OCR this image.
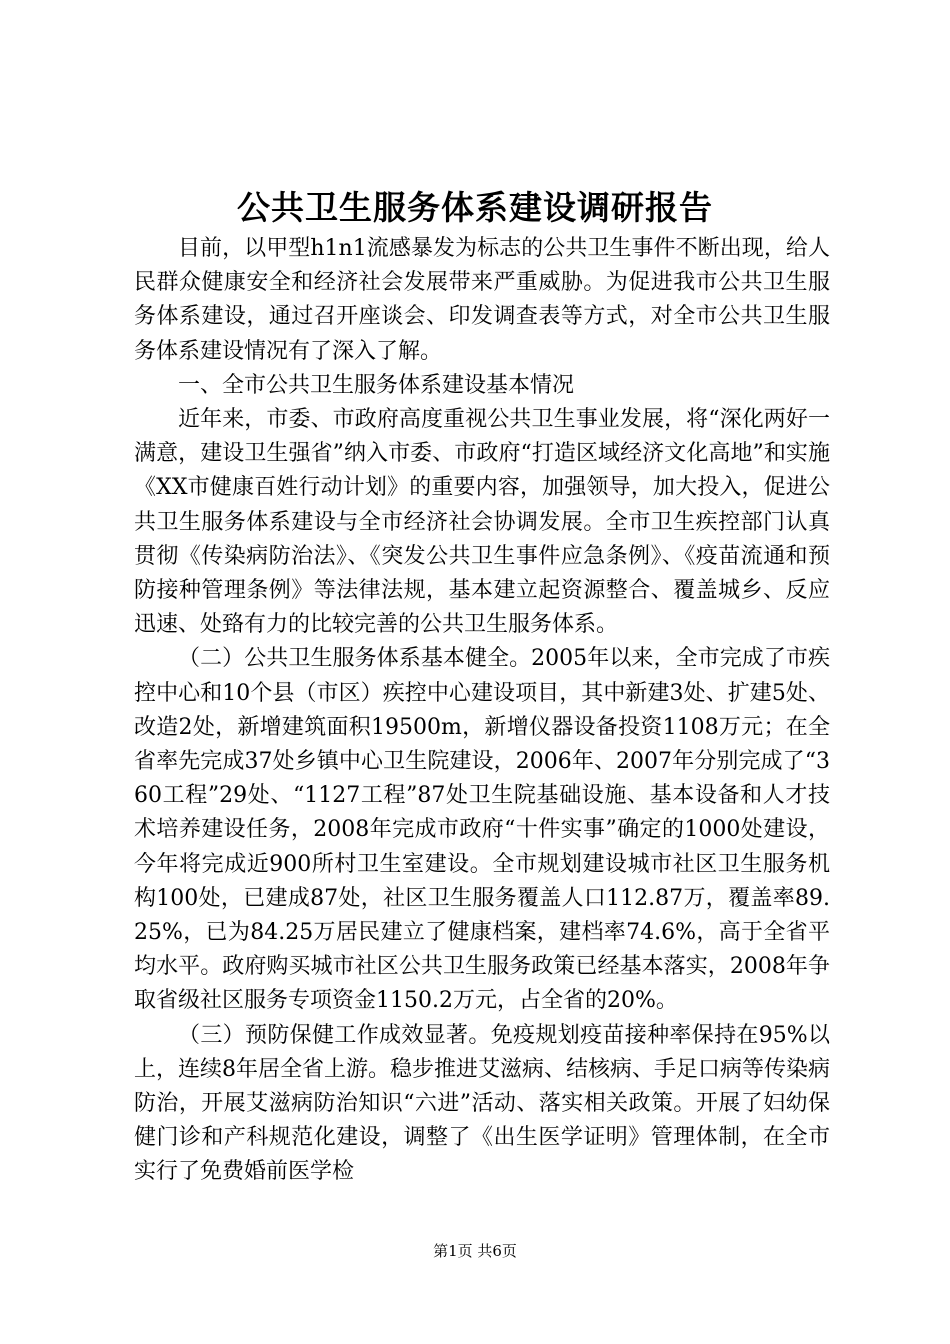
公共卫生服务体系建设调研报告

目前，以甲型h1n1流感暴发为标志的公共卫生事件不断出现，给人民群众健康安全和经济社会发展带来严重威胁。为促进我市公共卫生服务体系建设，通过召开座谈会、印发调查表等方式，对全市公共卫生服务体系建设情况有了深入了解。

一、全市公共卫生服务体系建设基本情况

近年来，市委、市政府高度重视公共卫生事业发展，将“深化两好一满意，建设卫生强省”纳入市委、市政府“打造区域经济文化高地”和实施《XX市健康百姓行动计划》的重要内容，加强领导，加大投入，促进公共卫生服务体系建设与全市经济社会协调发展。全市卫生疾控部门认真贯彻《传染病防治法》、《突发公共卫生事件应急条例》、《疫苗流通和预防接种管理条例》等法律法规，基本建立起资源整合、覆盖城乡、反应迅速、处臵有力的比较完善的公共卫生服务体系。

（二）公共卫生服务体系基本健全。2005年以来，全市完成了市疾控中心和10个县（市区）疾控中心建设项目，其中新建3处、扩建5处、改造2处，新增建筑面积19500m，新增仪器设备投资1108万元；在全省率先完成37处乡镇中心卫生院建设，2006年、2007年分别完成了“360工程”29处、“1127工程”87处卫生院基础设施、基本设备和人才技术培养建设任务，2008年完成市政府“十件实事”确定的1000处建设，今年将完成近900所村卫生室建设。全市规划建设城市社区卫生服务机构100处，已建成87处，社区卫生服务覆盖人口112.87万，覆盖率89.25%，已为84.25万居民建立了健康档案，建档率74.6%，高于全省平均水平。政府购买城市社区公共卫生服务政策已经基本落实，2008年争取省级社区服务专项资金1150.2万元，占全省的20%。

（三）预防保健工作成效显著。免疫规划疫苗接种率保持在95%以上，连续8年居全省上游。稳步推进艾滋病、结核病、手足口病等传染病防治，开展艾滋病防治知识“六进”活动、落实相关政策。开展了妇幼保健门诊和产科规范化建设，调整了《出生医学证明》管理体制，在全市实行了免费婚前医学检

第1页 共6页
